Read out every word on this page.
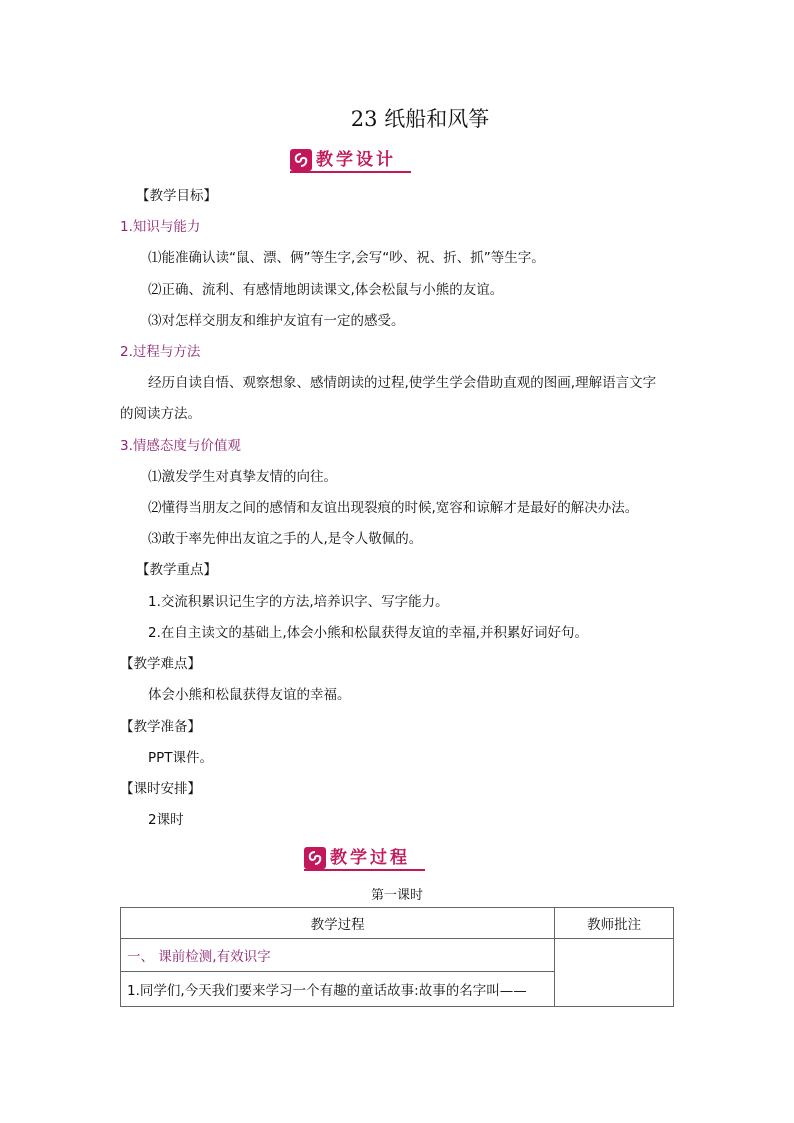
23 纸船和风筝
教学设计
【教学目标】
1.知识与能力
⑴能准确认读“鼠、漂、俩”等生字,会写“吵、祝、折、抓”等生字。
⑵正确、流利、有感情地朗读课文,体会松鼠与小熊的友谊。
⑶对怎样交朋友和维护友谊有一定的感受。
2.过程与方法
经历自读自悟、观察想象、感情朗读的过程,使学生学会借助直观的图画,理解语言文字
的阅读方法。
3.情感态度与价值观
⑴激发学生对真挚友情的向往。
⑵懂得当朋友之间的感情和友谊出现裂痕的时候,宽容和谅解才是最好的解决办法。
⑶敢于率先伸出友谊之手的人,是令人敬佩的。
【教学重点】
1.交流积累识记生字的方法,培养识字、写字能力。
2.在自主读文的基础上,体会小熊和松鼠获得友谊的幸福,并积累好词好句。
【教学难点】
体会小熊和松鼠获得友谊的幸福。
【教学准备】
PPT课件。
【课时安排】
2课时
教学过程
第一课时
教学过程	教师批注

一、 课前检测,有效识字
1.同学们,今天我们要来学习一个有趣的童话故事:故事的名字叫——	
